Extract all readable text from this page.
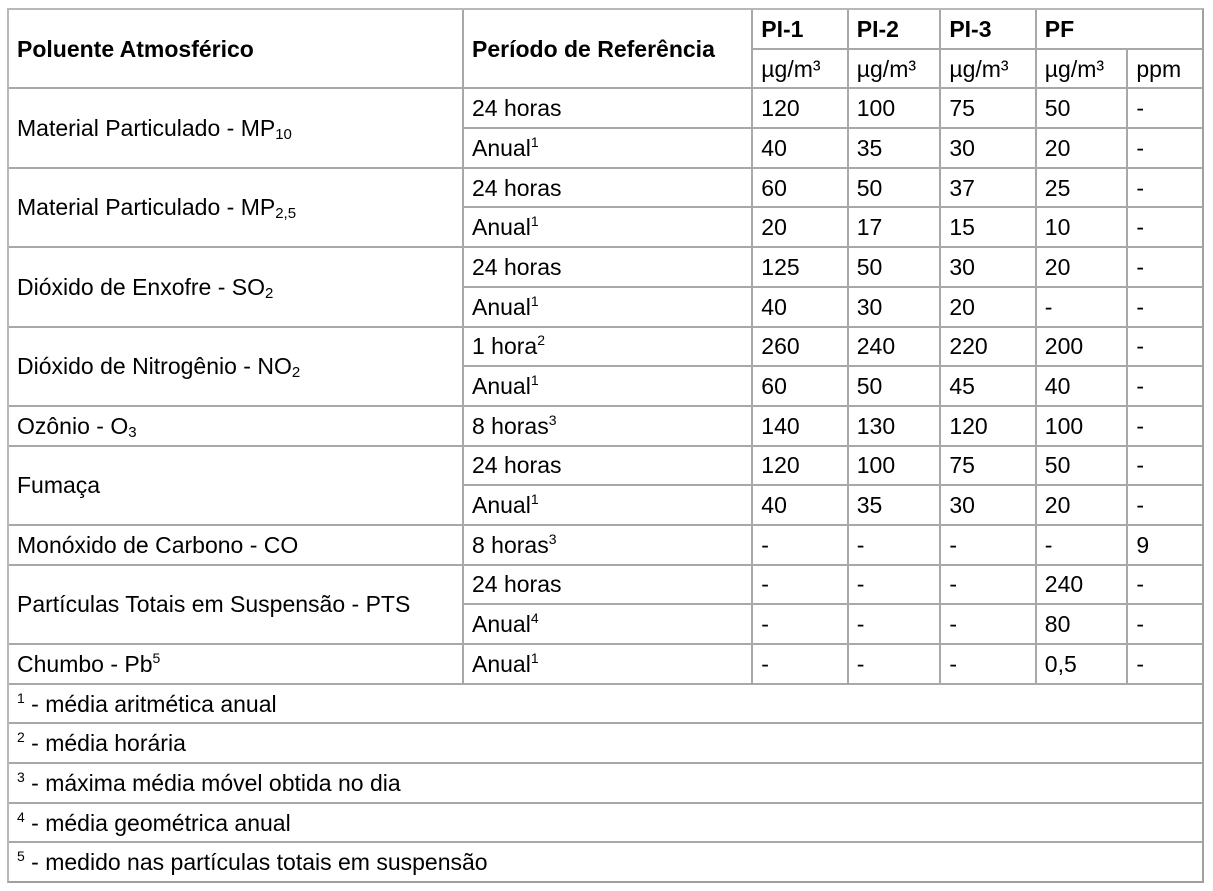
Poluente Atmosférico	Período de Referência	PI-1	PI-2	PI-3	PF	
		µg/m³	µg/m³	µg/m³	µg/m³	ppm
Material Particulado - $MP_{10}$	24 horas	120	100	75	50	-
	Anual$^1$	40	35	30	20	-
Material Particulado - $MP_{2,5}$	24 horas	60	50	37	25	-
	Anual$^1$	20	17	15	10	-
Dióxido de Enxofre - $SO_2$	24 horas	125	50	30	20	-
	Anual$^1$	40	30	20	-	-
Dióxido de Nitrogênio - $NO_2$	1 hora$^2$	260	240	220	200	-
	Anual$^1$	60	50	45	40	-
Ozônio - $O_3$	8 horas$^3$	140	130	120	100	-
Fumaça	24 horas	120	100	75	50	-
	Anual$^1$	40	35	30	20	-
Monóxido de Carbono - CO	8 horas$^3$	-	-	-	-	9
Partículas Totais em Suspensão - PTS	24 horas	-	-	-	240	-
	Anual$^4$	-	-	-	80	-
Chumbo - Pb$^5$	Anual$^1$	-	-	-	0,5	-
$^1$ - média aritmética anual						
$^2$ - média horária						
$^3$ - máxima média móvel obtida no dia						
$^4$ - média geométrica anual						
$^5$ - medido nas partículas totais em suspensão						
